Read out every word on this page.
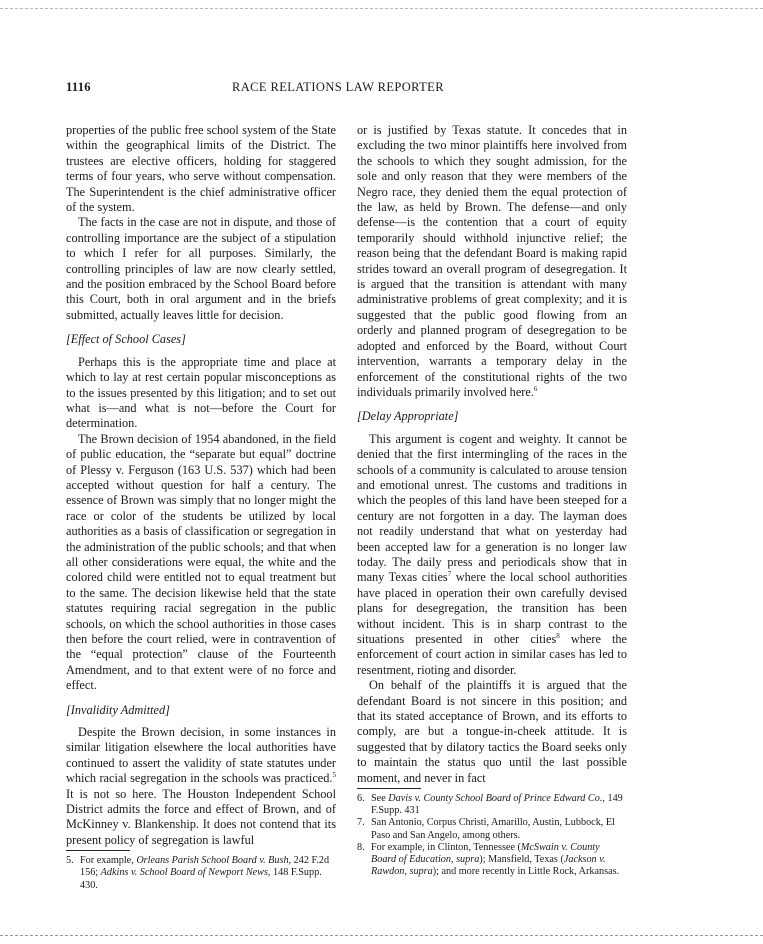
1116	RACE RELATIONS LAW REPORTER

properties of the public free school system of the State within the geographical limits of the District. The trustees are elective officers, holding for staggered terms of four years, who serve without compensation. The Superintendent is the chief administrative officer of the system.

The facts in the case are not in dispute, and those of controlling importance are the subject of a stipulation to which I refer for all purposes. Similarly, the controlling principles of law are now clearly settled, and the position embraced by the School Board before this Court, both in oral argument and in the briefs submitted, actually leaves little for decision.

[Effect of School Cases]

Perhaps this is the appropriate time and place at which to lay at rest certain popular misconceptions as to the issues presented by this litigation; and to set out what is—and what is not—before the Court for determination.

The Brown decision of 1954 abandoned, in the field of public education, the “separate but equal” doctrine of Plessy v. Ferguson (163 U.S. 537) which had been accepted without question for half a century. The essence of Brown was simply that no longer might the race or color of the students be utilized by local authorities as a basis of classification or segregation in the administration of the public schools; and that when all other considerations were equal, the white and the colored child were entitled not to equal treatment but to the same. The decision likewise held that the state statutes requiring racial segregation in the public schools, on which the school authorities in those cases then before the court relied, were in contravention of the “equal protection” clause of the Fourteenth Amendment, and to that extent were of no force and effect.

[Invalidity Admitted]

Despite the Brown decision, in some instances in similar litigation elsewhere the local authorities have continued to assert the validity of state statutes under which racial segregation in the schools was practiced.$^5$ It is not so here. The Houston Independent School District admits the force and effect of Brown, and of McKinney v. Blankenship. It does not contend that its present policy of segregation is lawful

5. For example, Orleans Parish School Board v. Bush, 242 F.2d 156; Adkins v. School Board of Newport News, 148 F.Supp. 430.

or is justified by Texas statute. It concedes that in excluding the two minor plaintiffs here involved from the schools to which they sought admission, for the sole and only reason that they were members of the Negro race, they denied them the equal protection of the law, as held by Brown. The defense—and only defense—is the contention that a court of equity temporarily should withhold injunctive relief; the reason being that the defendant Board is making rapid strides toward an overall program of desegregation. It is argued that the transition is attendant with many administrative problems of great complexity; and it is suggested that the public good flowing from an orderly and planned program of desegregation to be adopted and enforced by the Board, without Court intervention, warrants a temporary delay in the enforcement of the constitutional rights of the two individuals primarily involved here.$^6$

[Delay Appropriate]

This argument is cogent and weighty. It cannot be denied that the first intermingling of the races in the schools of a community is calculated to arouse tension and emotional unrest. The customs and traditions in which the peoples of this land have been steeped for a century are not forgotten in a day. The layman does not readily understand that what on yesterday had been accepted law for a generation is no longer law today. The daily press and periodicals show that in many Texas cities$^7$ where the local school authorities have placed in operation their own carefully devised plans for desegregation, the transition has been without incident. This is in sharp contrast to the situations presented in other cities$^8$ where the enforcement of court action in similar cases has led to resentment, rioting and disorder.

On behalf of the plaintiffs it is argued that the defendant Board is not sincere in this position; and that its stated acceptance of Brown, and its efforts to comply, are but a tongue-in-cheek attitude. It is suggested that by dilatory tactics the Board seeks only to maintain the status quo until the last possible moment, and never in fact

6. See Davis v. County School Board of Prince Edward Co., 149 F.Supp. 431
7. San Antonio, Corpus Christi, Amarillo, Austin, Lubbock, El Paso and San Angelo, among others.
8. For example, in Clinton, Tennessee (McSwain v. County Board of Education, supra); Mansfield, Texas (Jackson v. Rawdon, supra); and more recently in Little Rock, Arkansas.
